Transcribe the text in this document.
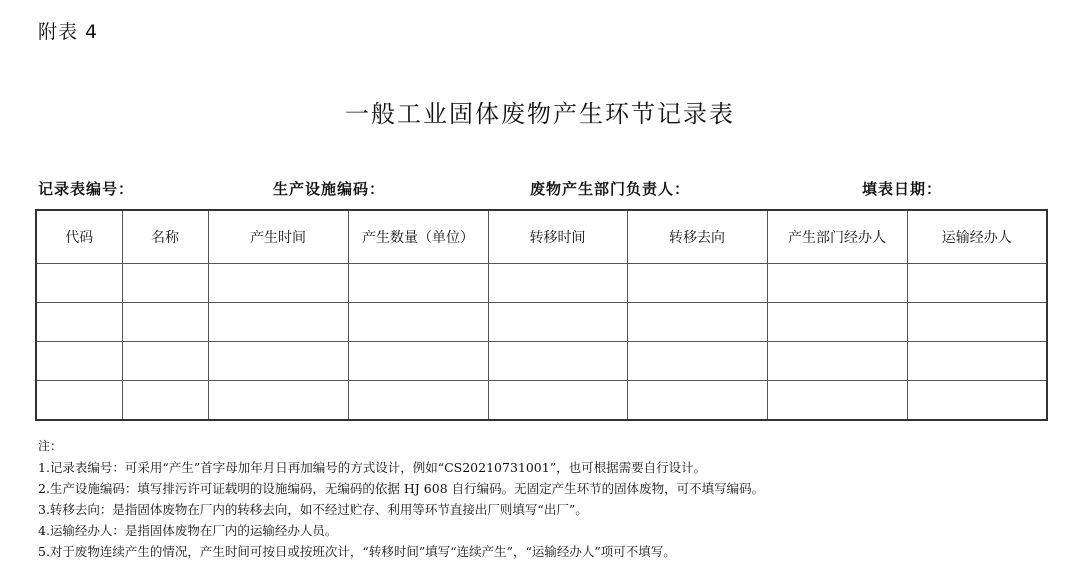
附表 4
一般工业固体废物产生环节记录表
记录表编号：	生产设施编码：	废物产生部门负责人：	填表日期：
代码	名称	产生时间	产生数量（单位）	转移时间	转移去向	产生部门经办人	运输经办人

注：
1.记录表编号：可采用“产生”首字母加年月日再加编号的方式设计，例如“CS20210731001”，也可根据需要自行设计。
2.生产设施编码：填写排污许可证载明的设施编码，无编码的依据 HJ 608 自行编码。无固定产生环节的固体废物，可不填写编码。
3.转移去向：是指固体废物在厂内的转移去向，如不经过贮存、利用等环节直接出厂则填写“出厂”。
4.运输经办人：是指固体废物在厂内的运输经办人员。
5.对于废物连续产生的情况，产生时间可按日或按班次计，“转移时间”填写“连续产生”，“运输经办人”项可不填写。
